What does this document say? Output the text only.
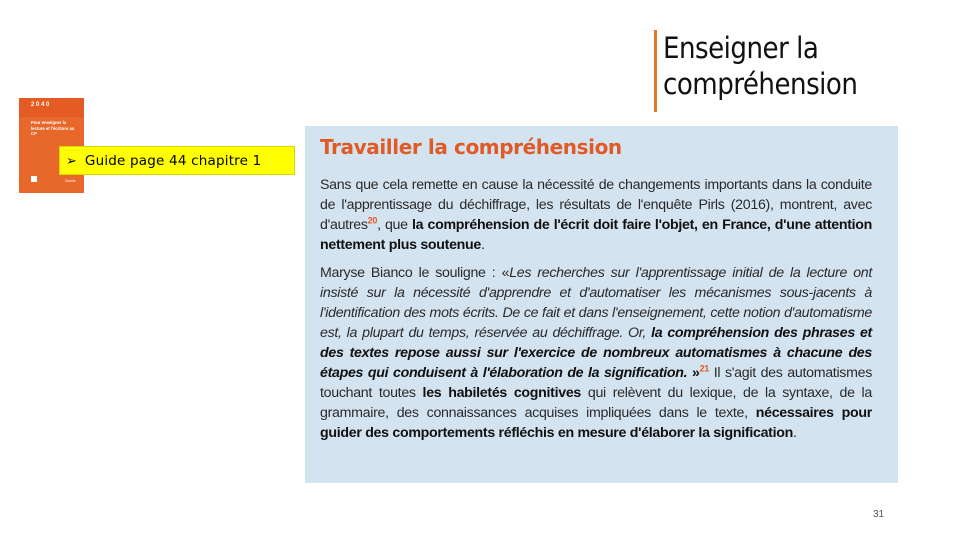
Enseigner la
compréhension
2 0 4 0
Pour enseigner la lecture et l'écriture au CP
Guide
➢ Guide page 44 chapitre 1
Travailler la compréhension

Sans que cela remette en cause la nécessité de changements importants dans la conduite de l'apprentissage du déchiffrage, les résultats de l'enquête Pirls (2016), montrent, avec d'autres$^{20}$, que la compréhension de l'écrit doit faire l'objet, en France, d'une attention nettement plus soutenue.

Maryse Bianco le souligne : «Les recherches sur l'apprentissage initial de la lecture ont insisté sur la nécessité d'apprendre et d'automatiser les mécanismes sous-jacents à l'identification des mots écrits. De ce fait et dans l'enseignement, cette notion d'automatisme est, la plupart du temps, réservée au déchiffrage. Or, la compréhension des phrases et des textes repose aussi sur l'exercice de nombreux automatismes à chacune des étapes qui conduisent à l'élaboration de la signification. »$^{21}$ Il s'agit des automatismes touchant toutes les habiletés cognitives qui relèvent du lexique, de la syntaxe, de la grammaire, des connaissances acquises impliquées dans le texte, nécessaires pour guider des comportements réfléchis en mesure d'élaborer la signification.

31
